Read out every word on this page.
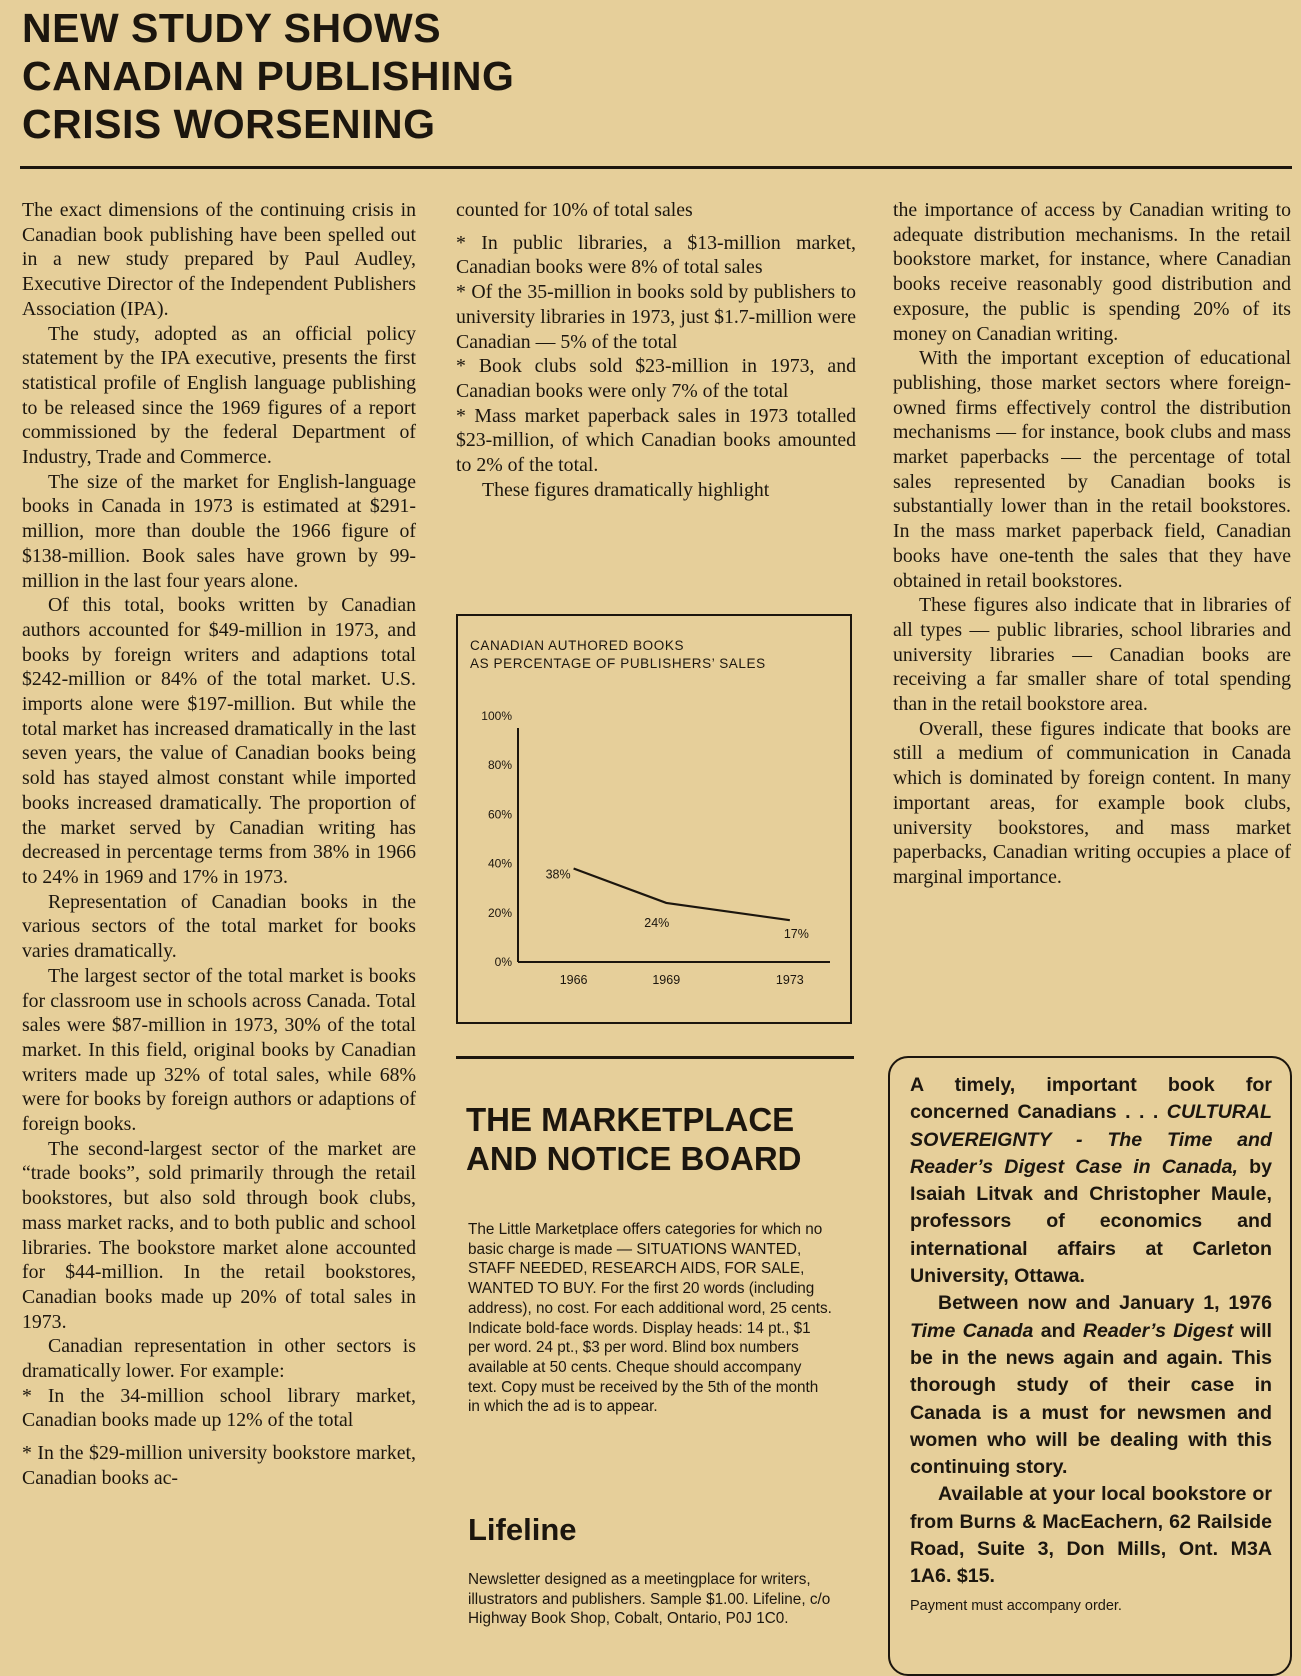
NEW STUDY SHOWS
CANADIAN PUBLISHING
CRISIS WORSENING

The exact dimensions of the continuing crisis in Canadian book publishing have been spelled out in a new study prepared by Paul Audley, Executive Director of the Independent Publishers Association (IPA).

The study, adopted as an official policy statement by the IPA executive, presents the first statistical profile of English language publishing to be released since the 1969 figures of a report commissioned by the federal Department of Industry, Trade and Commerce.

The size of the market for English-language books in Canada in 1973 is estimated at $291-million, more than double the 1966 figure of $138-million. Book sales have grown by 99-million in the last four years alone.

Of this total, books written by Canadian authors accounted for $49-million in 1973, and books by foreign writers and adaptions total $242-million or 84% of the total market. U.S. imports alone were $197-million. But while the total market has increased dramatically in the last seven years, the value of Canadian books being sold has stayed almost constant while imported books increased dramatically. The proportion of the market served by Canadian writing has decreased in percentage terms from 38% in 1966 to 24% in 1969 and 17% in 1973.

Representation of Canadian books in the various sectors of the total market for books varies dramatically.

The largest sector of the total market is books for classroom use in schools across Canada. Total sales were $87-million in 1973, 30% of the total market. In this field, original books by Canadian writers made up 32% of total sales, while 68% were for books by foreign authors or adaptions of foreign books.

The second-largest sector of the market are “trade books”, sold primarily through the retail bookstores, but also sold through book clubs, mass market racks, and to both public and school libraries. The bookstore market alone accounted for $44-million. In the retail bookstores, Canadian books made up 20% of total sales in 1973.

Canadian representation in other sectors is dramatically lower. For example:

* In the 34-million school library market, Canadian books made up 12% of the total

* In the $29-million university bookstore market, Canadian books ac-

counted for 10% of total sales

* In public libraries, a $13-million market, Canadian books were 8% of total sales

* Of the 35-million in books sold by publishers to university libraries in 1973, just $1.7-million were Canadian — 5% of the total

* Book clubs sold $23-million in 1973, and Canadian books were only 7% of the total

* Mass market paperback sales in 1973 totalled $23-million, of which Canadian books amounted to 2% of the total.

These figures dramatically highlight

CANADIAN AUTHORED BOOKS
AS PERCENTAGE OF PUBLISHERS’ SALES
100%
80%
60%
40%
20%
0%
1966	1969	1973
38%
24%
17%
THE MARKETPLACE
AND NOTICE BOARD
The Little Marketplace offers categories for which no basic charge is made — SITUATIONS WANTED, STAFF NEEDED, RESEARCH AIDS, FOR SALE, WANTED TO BUY. For the first 20 words (including address), no cost. For each additional word, 25 cents. Indicate bold-face words. Display heads: 14 pt., $1 per word. 24 pt., $3 per word. Blind box numbers available at 50 cents. Cheque should accompany text. Copy must be received by the 5th of the month in which the ad is to appear.
Lifeline
Newsletter designed as a meetingplace for writers, illustrators and publishers. Sample $1.00. Lifeline, c/o Highway Book Shop, Cobalt, Ontario, P0J 1C0.

the importance of access by Canadian writing to adequate distribution mechanisms. In the retail bookstore market, for instance, where Canadian books receive reasonably good distribution and exposure, the public is spending 20% of its money on Canadian writing.

With the important exception of educational publishing, those market sectors where foreign-owned firms effectively control the distribution mechanisms — for instance, book clubs and mass market paperbacks — the percentage of total sales represented by Canadian books is substantially lower than in the retail bookstores. In the mass market paperback field, Canadian books have one-tenth the sales that they have obtained in retail bookstores.

These figures also indicate that in libraries of all types — public libraries, school libraries and university libraries — Canadian books are receiving a far smaller share of total spending than in the retail bookstore area.

Overall, these figures indicate that books are still a medium of communication in Canada which is dominated by foreign content. In many important areas, for example book clubs, university bookstores, and mass market paperbacks, Canadian writing occupies a place of marginal importance.

A timely, important book for concerned Canadians . . . CULTURAL SOVEREIGNTY - The Time and Reader’s Digest Case in Canada, by Isaiah Litvak and Christopher Maule, professors of economics and international affairs at Carleton University, Ottawa.

Between now and January 1, 1976 Time Canada and Reader’s Digest will be in the news again and again. This thorough study of their case in Canada is a must for newsmen and women who will be dealing with this continuing story.

Available at your local bookstore or from Burns & MacEachern, 62 Railside Road, Suite 3, Don Mills, Ont. M3A 1A6. $15.

Payment must accompany order.
